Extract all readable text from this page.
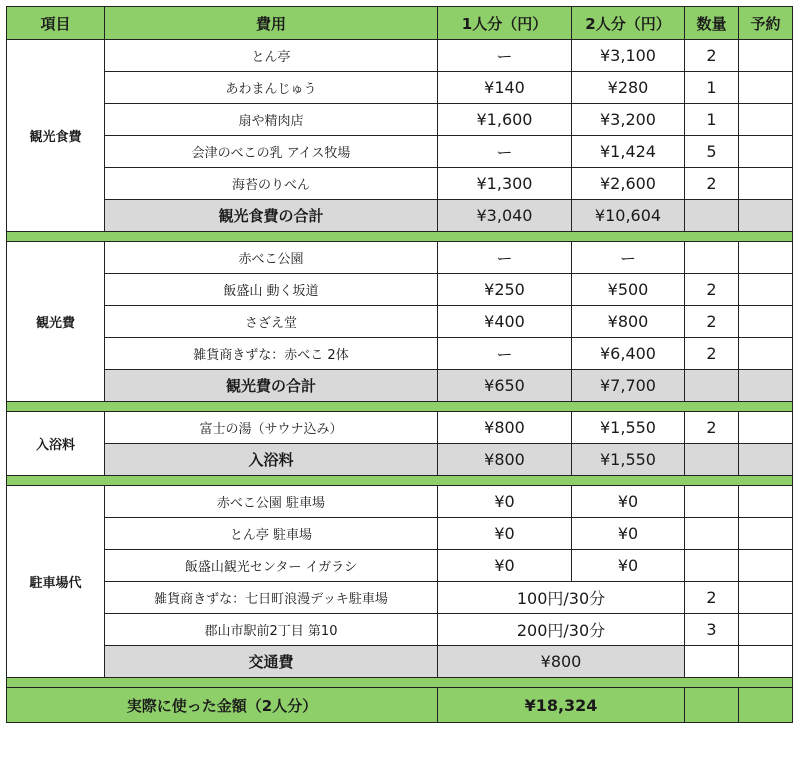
項目	費用	1人分（円）	2人分（円）	数量	予約
観光食費	とん亭	ー	¥3,100	2	
	あわまんじゅう	¥140	¥280	1	
	扇や精肉店	¥1,600	¥3,200	1	
	会津のべこの乳 アイス牧場	ー	¥1,424	5	
	海苔のりべん	¥1,300	¥2,600	2	
	観光食費の合計	¥3,040	¥10,604		

観光費	赤べこ公園	ー	ー		
	飯盛山 動く坂道	¥250	¥500	2	
	さざえ堂	¥400	¥800	2	
	雑貨商きずな：赤べこ 2体	ー	¥6,400	2	
	観光費の合計	¥650	¥7,700		

入浴料	富士の湯（サウナ込み）	¥800	¥1,550	2	
	入浴料	¥800	¥1,550		

駐車場代	赤べこ公園 駐車場	¥0	¥0		
	とん亭 駐車場	¥0	¥0		
	飯盛山観光センター イガラシ	¥0	¥0		
	雑貨商きずな：七日町浪漫デッキ駐車場	100円/30分		2	
	郡山市駅前2丁目 第10	200円/30分		3	
	交通費	¥800			

実際に使った金額（2人分）		¥18,324			
